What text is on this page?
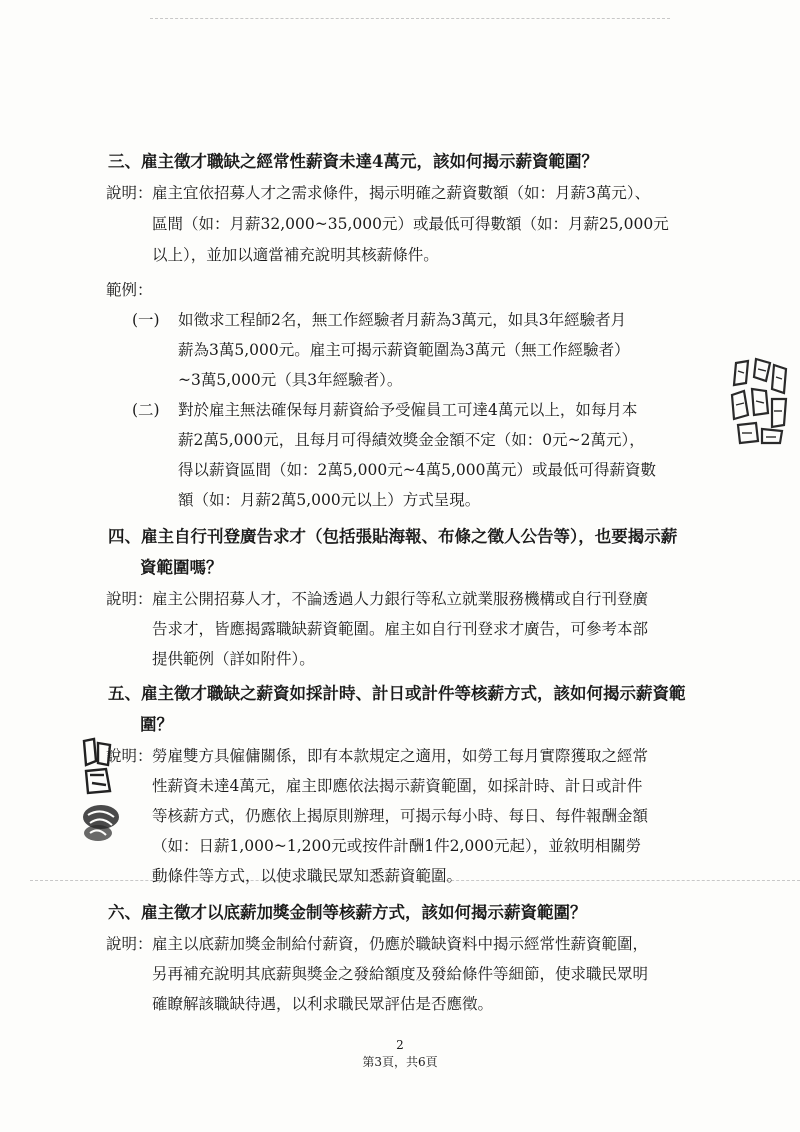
三、雇主徵才職缺之經常性薪資未達4萬元，該如何揭示薪資範圍？
說明： 雇主宜依招募人才之需求條件，揭示明確之薪資數額（如：月薪3萬元）、
區間（如：月薪32,000~35,000元）或最低可得數額（如：月薪25,000元
以上），並加以適當補充說明其核薪條件。
範例：
(一) 如徵求工程師2名，無工作經驗者月薪為3萬元，如具3年經驗者月
薪為3萬5,000元。雇主可揭示薪資範圍為3萬元（無工作經驗者）
~3萬5,000元（具3年經驗者）。
(二) 對於雇主無法確保每月薪資給予受僱員工可達4萬元以上，如每月本
薪2萬5,000元，且每月可得績效獎金金額不定（如：0元~2萬元），
得以薪資區間（如：2萬5,000元~4萬5,000萬元）或最低可得薪資數
額（如：月薪2萬5,000元以上）方式呈現。
四、雇主自行刊登廣告求才（包括張貼海報、布條之徵人公告等），也要揭示薪
資範圍嗎？
說明： 雇主公開招募人才，不論透過人力銀行等私立就業服務機構或自行刊登廣
告求才，皆應揭露職缺薪資範圍。雇主如自行刊登求才廣告，可參考本部
提供範例（詳如附件）。
五、雇主徵才職缺之薪資如採計時、計日或計件等核薪方式，該如何揭示薪資範
圍？
說明： 勞雇雙方具僱傭關係，即有本款規定之適用，如勞工每月實際獲取之經常
性薪資未達4萬元，雇主即應依法揭示薪資範圍，如採計時、計日或計件
等核薪方式，仍應依上揭原則辦理，可揭示每小時、每日、每件報酬金額
（如：日薪1,000~1,200元或按件計酬1件2,000元起），並敘明相關勞
動條件等方式，以使求職民眾知悉薪資範圍。
六、雇主徵才以底薪加獎金制等核薪方式，該如何揭示薪資範圍？
說明： 雇主以底薪加獎金制給付薪資，仍應於職缺資料中揭示經常性薪資範圍，
另再補充說明其底薪與獎金之發給額度及發給條件等細節，使求職民眾明
確瞭解該職缺待遇，以利求職民眾評估是否應徵。
2
第3頁，共6頁
